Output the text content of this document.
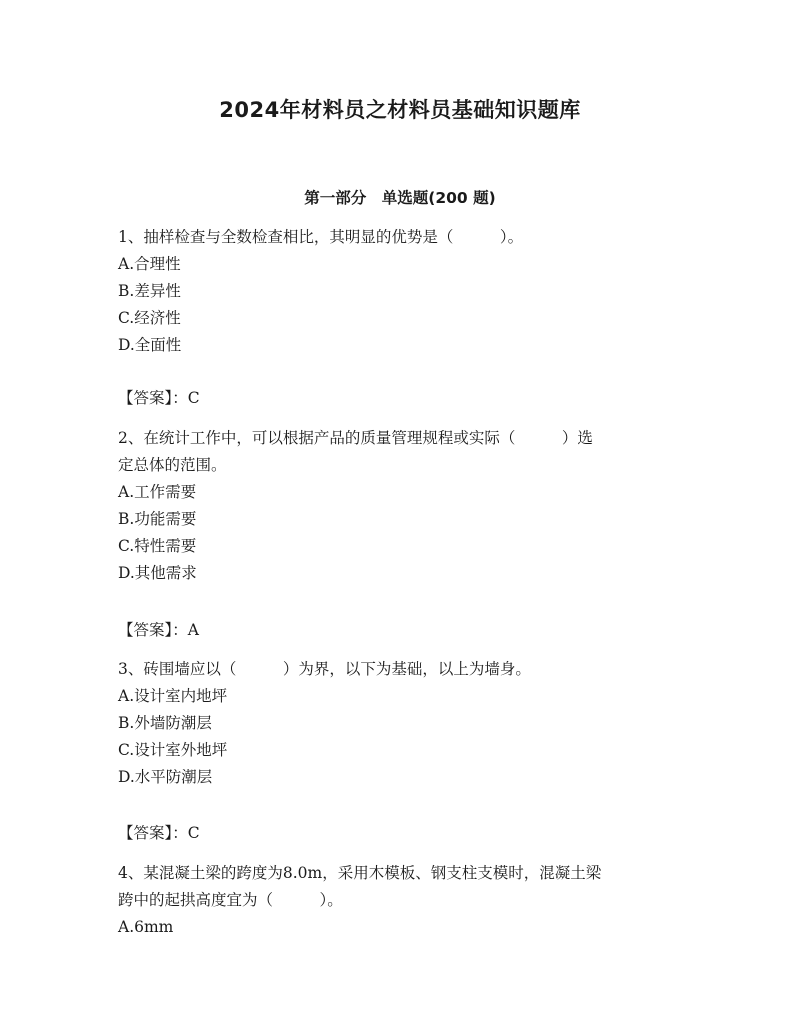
2024年材料员之材料员基础知识题库
第一部分　单选题(200 题)
1、抽样检查与全数检查相比，其明显的优势是（　　　）。
A.合理性
B.差异性
C.经济性
D.全面性
【答案】：C
2、在统计工作中，可以根据产品的质量管理规程或实际（　　　）选
定总体的范围。
A.工作需要
B.功能需要
C.特性需要
D.其他需求
【答案】：A
3、砖围墙应以（　　　）为界，以下为基础，以上为墙身。
A.设计室内地坪
B.外墙防潮层
C.设计室外地坪
D.水平防潮层
【答案】：C
4、某混凝土梁的跨度为8.0m，采用木模板、钢支柱支模时，混凝土梁
跨中的起拱高度宜为（　　　）。
A.6mm
